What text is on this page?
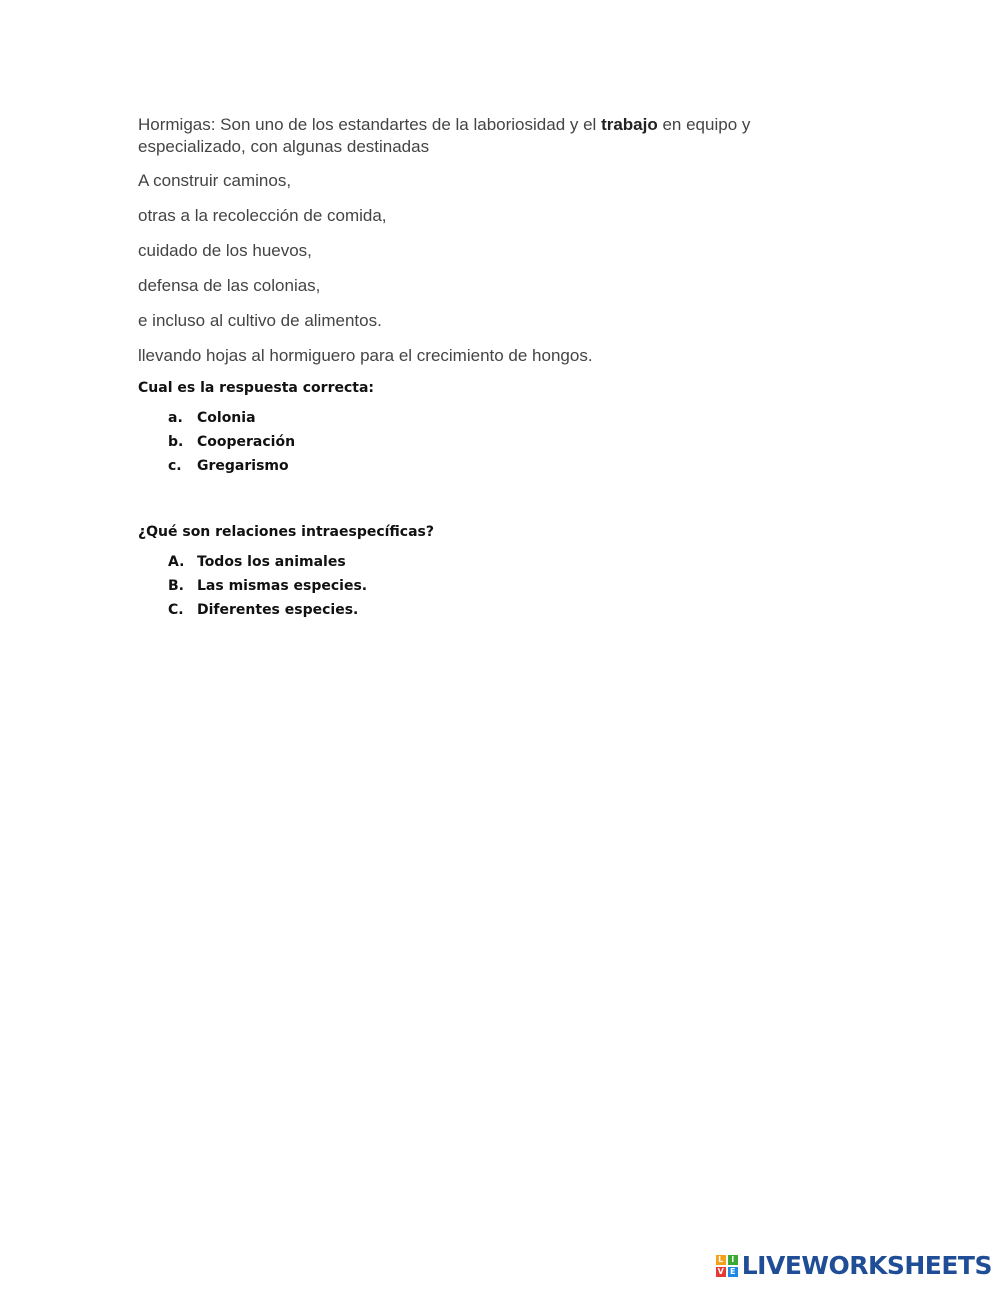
Hormigas: Son uno de los estandartes de la laboriosidad y el trabajo en equipo y especializado, con algunas destinadas

A construir caminos,

otras a la recolección de comida,

cuidado de los huevos,

defensa de las colonias,

e incluso al cultivo de alimentos.

llevando hojas al hormiguero para el crecimiento de hongos.

Cual es la respuesta correcta:

a.	Colonia
b. Cooperación
c.	Gregarismo

¿Qué son relaciones intraespecíficas?

A. Todos los animales
B. Las mismas especies.
C. Diferentes especies.
L I
V E LIVEWORKSHEETS
